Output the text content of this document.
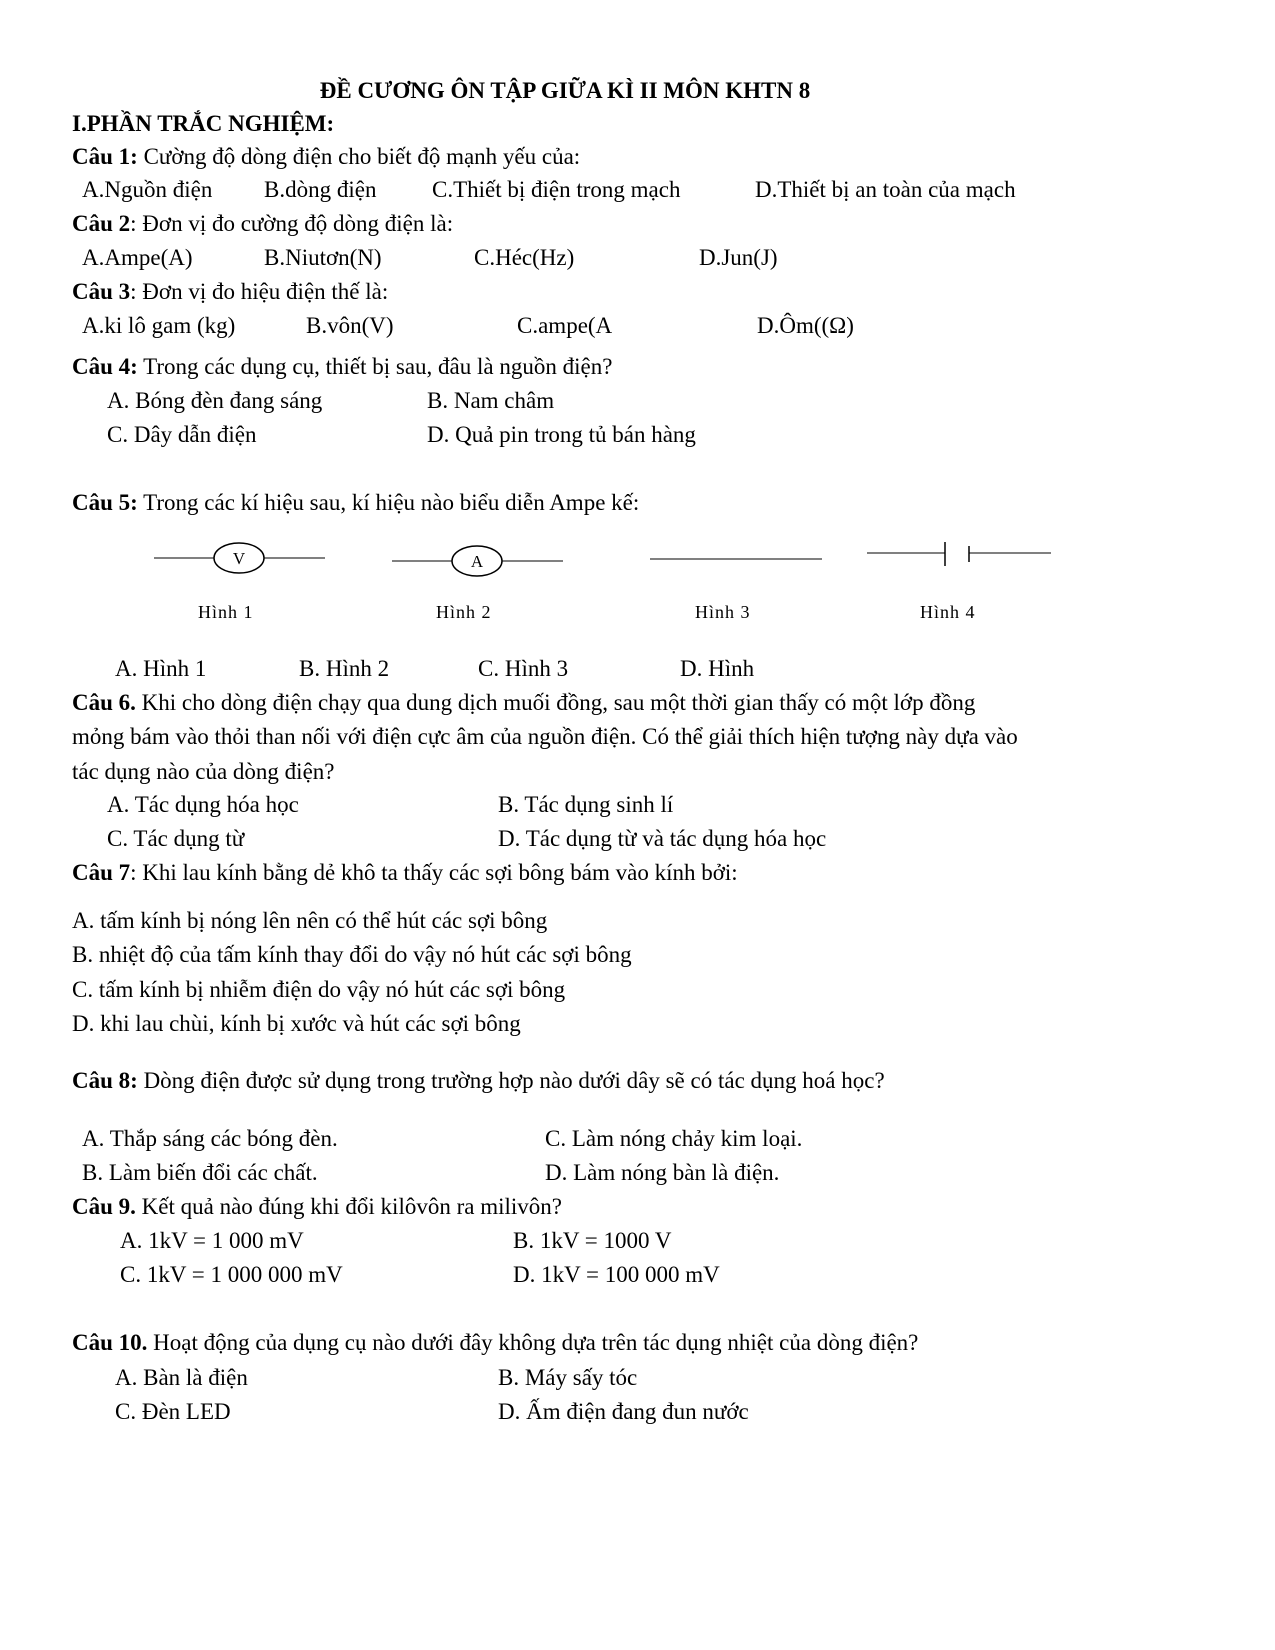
ĐỀ CƯƠNG ÔN TẬP GIỮA KÌ II MÔN KHTN 8
I.PHẦN TRẮC NGHIỆM:
Câu 1: Cường độ dòng điện cho biết độ mạnh yếu của:
A.Nguồn điện B.dòng điện C.Thiết bị điện trong mạch	D.Thiết bị an toàn của mạch
Câu 2: Đơn vị đo cường độ dòng điện là:
A.Ampe(A)	B.Niutơn(N)	C.Héc(Hz)	D.Jun(J)
Câu 3: Đơn vị đo hiệu điện thế là:
A.ki lô gam (kg)	B.vôn(V)	C.ampe(A	D.Ôm((Ω)
Câu 4: Trong các dụng cụ, thiết bị sau, đâu là nguồn điện?
A. Bóng đèn đang sáng	B. Nam châm
C. Dây dẫn điện	D. Quả pin trong tủ bán hàng
Câu 5: Trong các kí hiệu sau, kí hiệu nào biểu diễn Ampe kế:
V	A
Hình 1	Hình 2	Hình 3	Hình 4
A. Hình 1	B. Hình 2	C. Hình 3	D. Hình
Câu 6. Khi cho dòng điện chạy qua dung dịch muối đồng, sau một thời gian thấy có một lớp đồng
mỏng bám vào thỏi than nối với điện cực âm của nguồn điện. Có thể giải thích hiện tượng này dựa vào
tác dụng nào của dòng điện?
A. Tác dụng hóa học	B. Tác dụng sinh lí
C. Tác dụng từ	D. Tác dụng từ và tác dụng hóa học
Câu 7: Khi lau kính bằng dẻ khô ta thấy các sợi bông bám vào kính bởi:
A. tấm kính bị nóng lên nên có thể hút các sợi bông
B. nhiệt độ của tấm kính thay đổi do vậy nó hút các sợi bông
C. tấm kính bị nhiễm điện do vậy nó hút các sợi bông
D. khi lau chùi, kính bị xước và hút các sợi bông
Câu 8: Dòng điện được sử dụng trong trường hợp nào dưới dây sẽ có tác dụng hoá học?
A. Thắp sáng các bóng đèn.	C. Làm nóng chảy kim loại.
B. Làm biến đổi các chất.	D. Làm nóng bàn là điện.
Câu 9. Kết quả nào đúng khi đổi kilôvôn ra milivôn?
A. 1kV = 1 000 mV	B. 1kV = 1000 V
C. 1kV = 1 000 000 mV	D. 1kV = 100 000 mV
Câu 10. Hoạt động của dụng cụ nào dưới đây không dựa trên tác dụng nhiệt của dòng điện?
A. Bàn là điện	B. Máy sấy tóc
C. Đèn LED	D. Ấm điện đang đun nước
